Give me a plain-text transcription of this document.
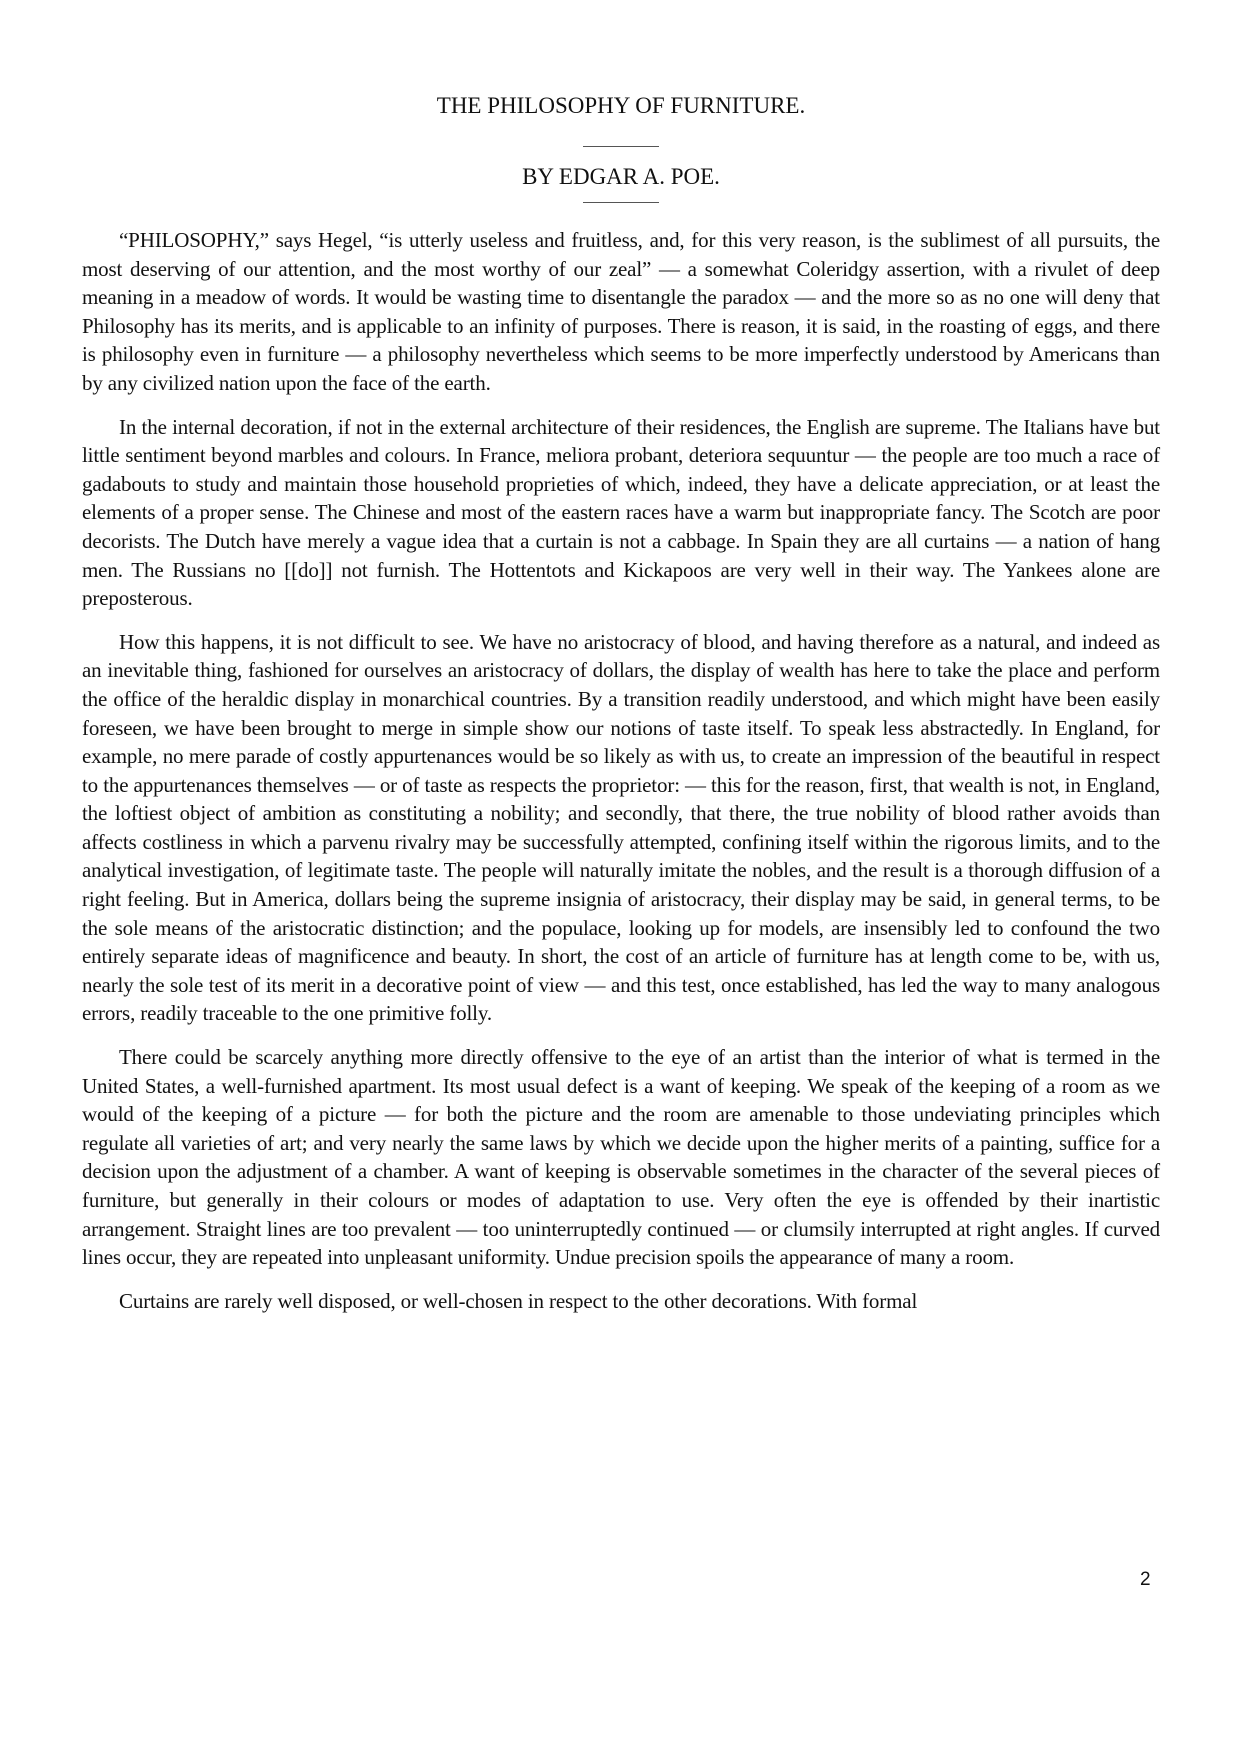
THE PHILOSOPHY OF FURNITURE.
BY EDGAR A. POE.

“PHILOSOPHY,” says Hegel, “is utterly useless and fruitless, and, for this very reason, is the sublimest of all pursuits, the most deserving of our attention, and the most worthy of our zeal” — a somewhat Coleridgy assertion, with a rivulet of deep meaning in a meadow of words. It would be wasting time to disentangle the paradox — and the more so as no one will deny that Philosophy has its merits, and is applicable to an infinity of purposes. There is reason, it is said, in the roasting of eggs, and there is philosophy even in furniture — a philosophy nevertheless which seems to be more imperfectly understood by Americans than by any civilized nation upon the face of the earth.

In the internal decoration, if not in the external architecture of their residences, the English are supreme. The Italians have but little sentiment beyond marbles and colours. In France, meliora probant, deteriora sequuntur — the people are too much a race of gadabouts to study and maintain those household proprieties of which, indeed, they have a delicate appreciation, or at least the elements of a proper sense. The Chinese and most of the eastern races have a warm but inappropriate fancy. The Scotch are poor decorists. The Dutch have merely a vague idea that a curtain is not a cabbage. In Spain they are all curtains — a nation of hang men. The Russians no [[do]] not furnish. The Hottentots and Kickapoos are very well in their way. The Yankees alone are preposterous.

How this happens, it is not difficult to see. We have no aristocracy of blood, and having therefore as a natural, and indeed as an inevitable thing, fashioned for ourselves an aristocracy of dollars, the display of wealth has here to take the place and perform the office of the heraldic display in monarchical countries. By a transition readily understood, and which might have been easily foreseen, we have been brought to merge in simple show our notions of taste itself. To speak less abstractedly. In England, for example, no mere parade of costly appurtenances would be so likely as with us, to create an impression of the beautiful in respect to the appurtenances themselves — or of taste as respects the proprietor: — this for the reason, first, that wealth is not, in England, the loftiest object of ambition as constituting a nobility; and secondly, that there, the true nobility of blood rather avoids than affects costliness in which a parvenu rivalry may be successfully attempted, confining itself within the rigorous limits, and to the analytical investigation, of legitimate taste. The people will naturally imitate the nobles, and the result is a thorough diffusion of a right feeling. But in America, dollars being the supreme insignia of aristocracy, their display may be said, in general terms, to be the sole means of the aristocratic distinction; and the populace, looking up for models, are insensibly led to confound the two entirely separate ideas of magnificence and beauty. In short, the cost of an article of furniture has at length come to be, with us, nearly the sole test of its merit in a decorative point of view — and this test, once established, has led the way to many analogous errors, readily traceable to the one primitive folly.

There could be scarcely anything more directly offensive to the eye of an artist than the interior of what is termed in the United States, a well-furnished apartment. Its most usual defect is a want of keeping. We speak of the keeping of a room as we would of the keeping of a picture — for both the picture and the room are amenable to those undeviating principles which regulate all varieties of art; and very nearly the same laws by which we decide upon the higher merits of a painting, suffice for a decision upon the adjustment of a chamber. A want of keeping is observable sometimes in the character of the several pieces of furniture, but generally in their colours or modes of adaptation to use. Very often the eye is offended by their inartistic arrangement. Straight lines are too prevalent — too uninterruptedly continued — or clumsily interrupted at right angles. If curved lines occur, they are repeated into unpleasant uniformity. Undue precision spoils the appearance of many a room.

Curtains are rarely well disposed, or well-chosen in respect to the other decorations. With formal

2
